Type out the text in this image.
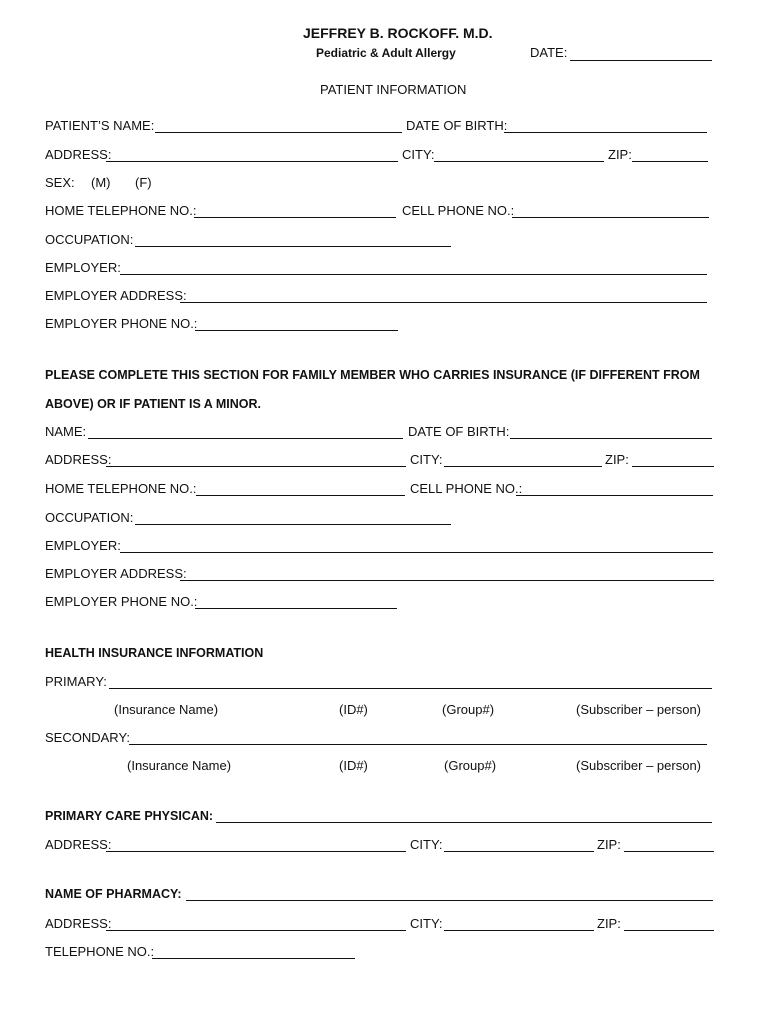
JEFFREY B. ROCKOFF. M.D.
Pediatric & Adult Allergy	DATE:
PATIENT INFORMATION
PATIENT’S NAME:	DATE OF BIRTH:
ADDRESS:	CITY:	ZIP:
SEX: (M) (F)
HOME TELEPHONE NO.:	CELL PHONE NO.:
OCCUPATION:
EMPLOYER:
EMPLOYER ADDRESS:
EMPLOYER PHONE NO.:
PLEASE COMPLETE THIS SECTION FOR FAMILY MEMBER WHO CARRIES INSURANCE (IF DIFFERENT FROM
ABOVE) OR IF PATIENT IS A MINOR.
NAME:	DATE OF BIRTH:
ADDRESS:	CITY:	ZIP:
HOME TELEPHONE NO.:	CELL PHONE NO.:
OCCUPATION:
EMPLOYER:
EMPLOYER ADDRESS:
EMPLOYER PHONE NO.:
HEALTH INSURANCE INFORMATION
PRIMARY:
(Insurance Name)	(ID#)	(Group#)	(Subscriber – person)
SECONDARY:
(Insurance Name)	(ID#)	(Group#)	(Subscriber – person)
PRIMARY CARE PHYSICAN:
ADDRESS:	CITY:	ZIP:
NAME OF PHARMACY:
ADDRESS:	CITY:	ZIP:
TELEPHONE NO.:
